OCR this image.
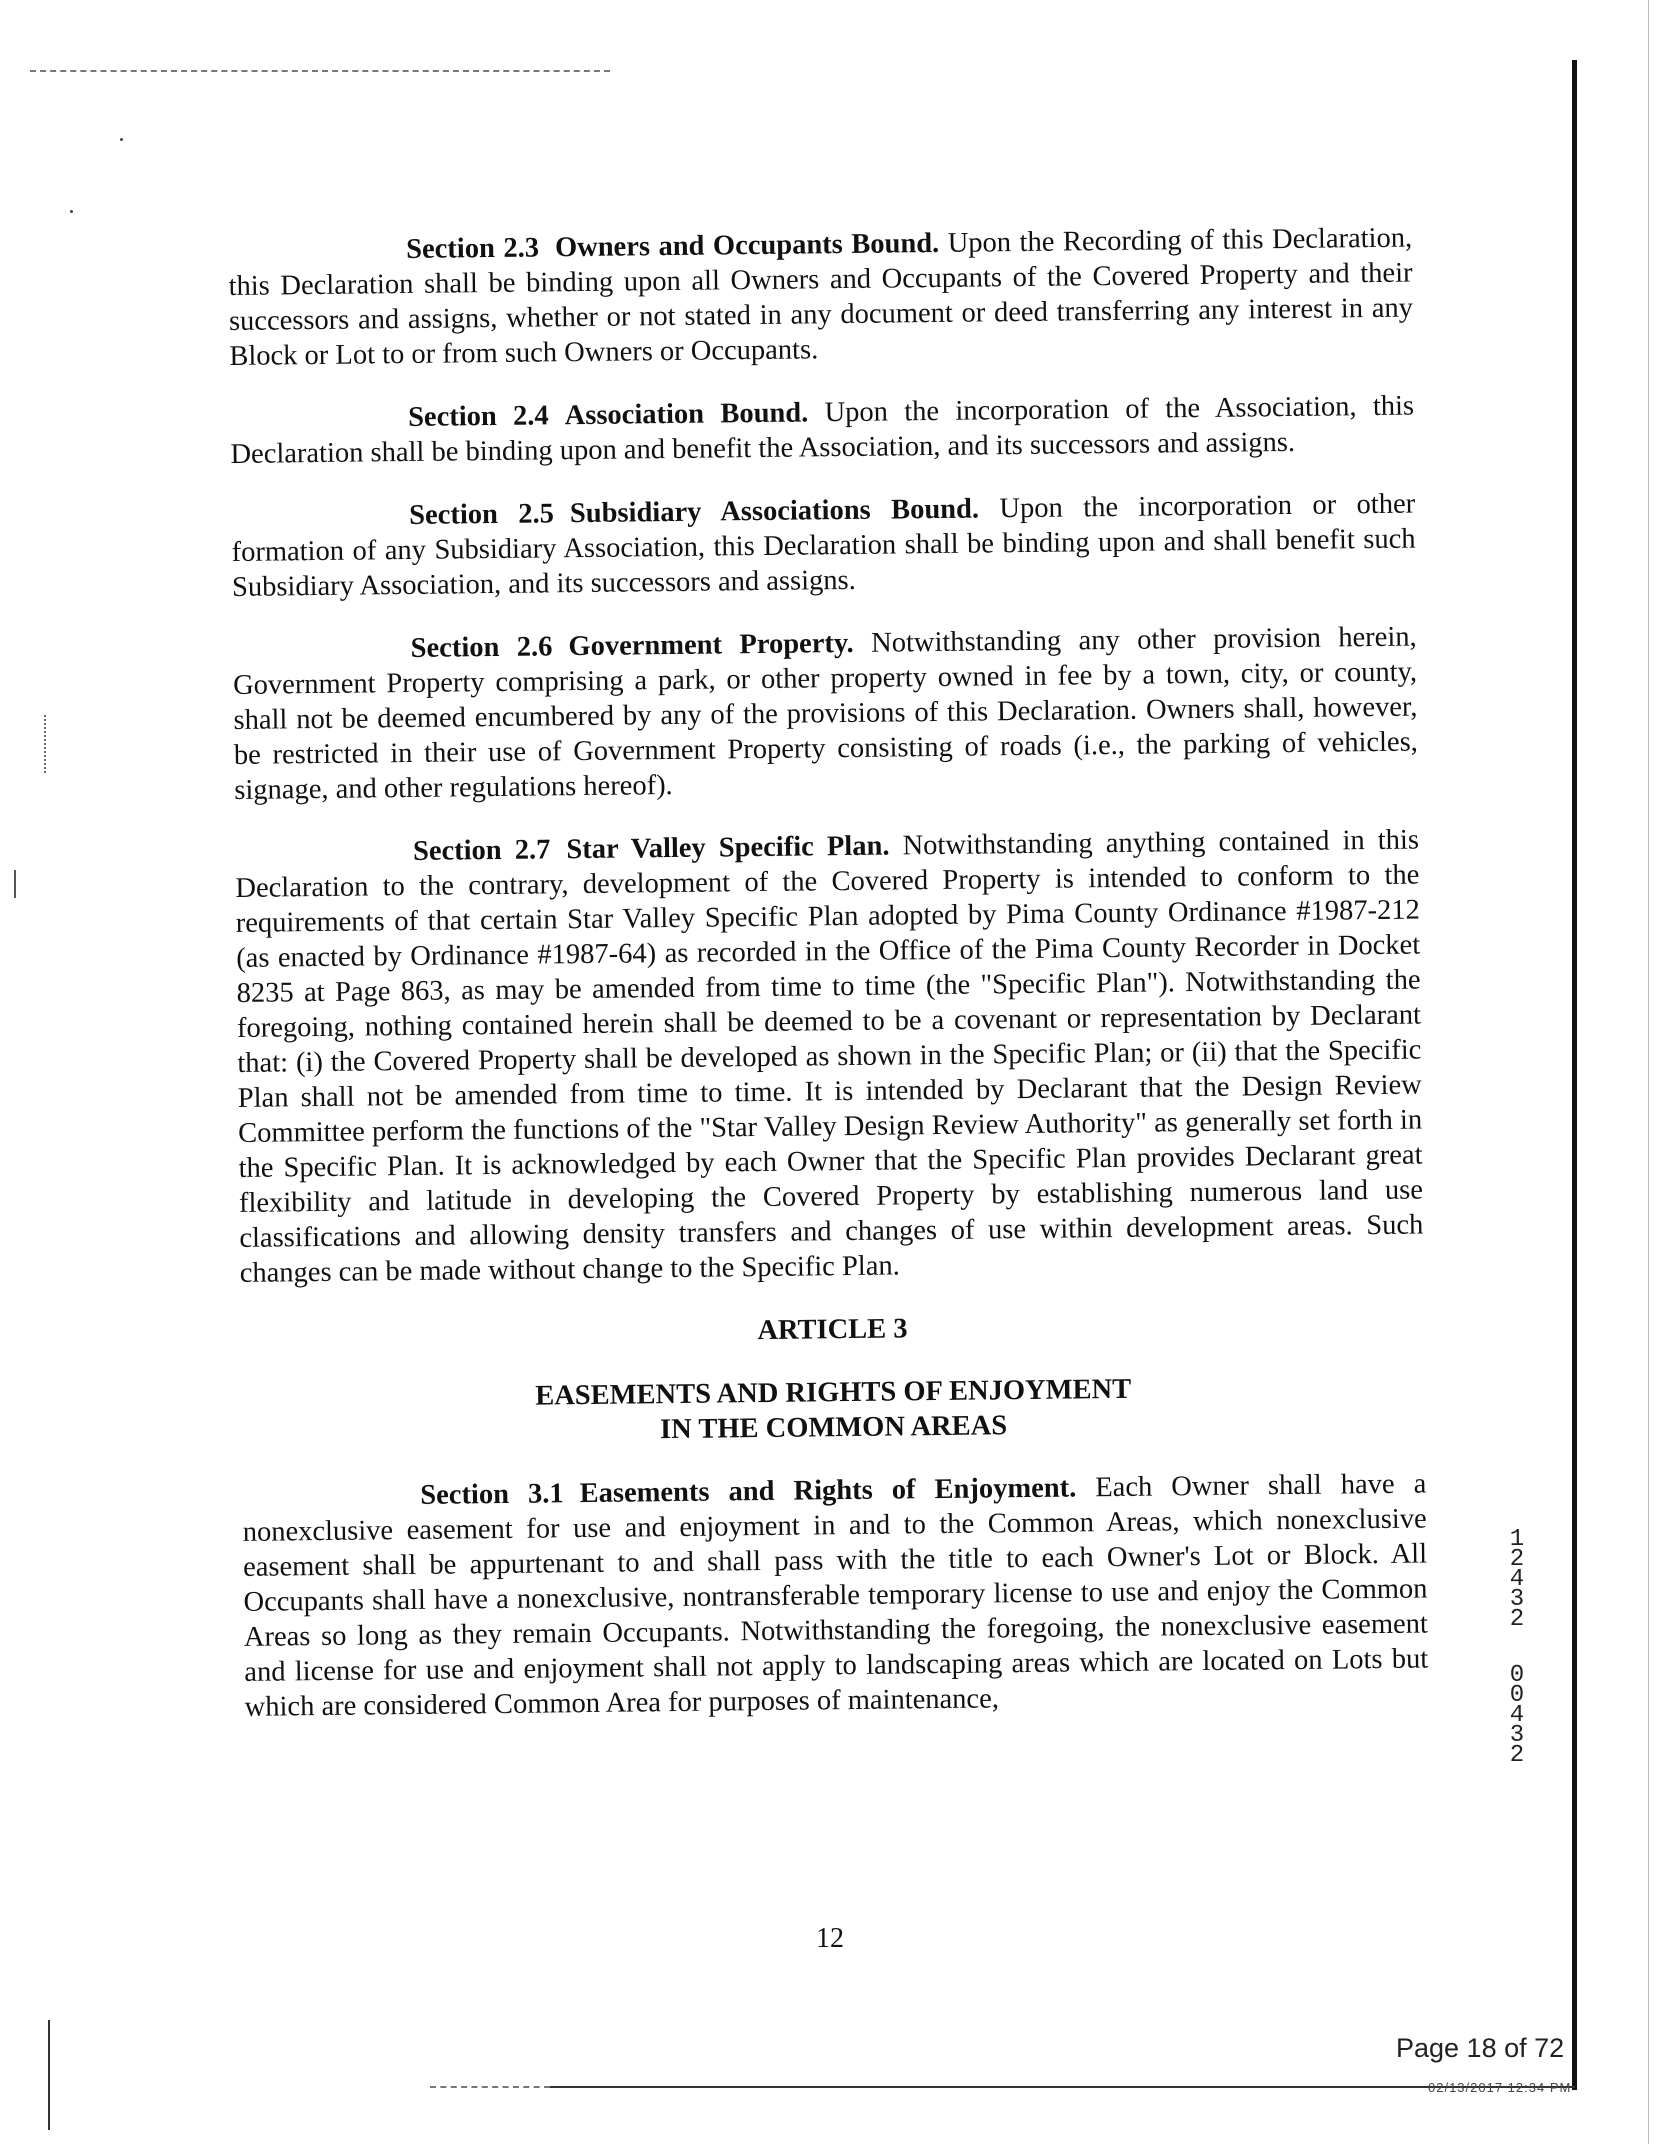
Section 2.3 Owners and Occupants Bound. Upon the Recording of this Declaration, this Declaration shall be binding upon all Owners and Occupants of the Covered Property and their successors and assigns, whether or not stated in any document or deed transferring any interest in any Block or Lot to or from such Owners or Occupants.

Section 2.4 Association Bound. Upon the incorporation of the Association, this Declaration shall be binding upon and benefit the Association, and its successors and assigns.

Section 2.5 Subsidiary Associations Bound. Upon the incorporation or other formation of any Subsidiary Association, this Declaration shall be binding upon and shall benefit such Subsidiary Association, and its successors and assigns.

Section 2.6 Government Property. Notwithstanding any other provision herein, Government Property comprising a park, or other property owned in fee by a town, city, or county, shall not be deemed encumbered by any of the provisions of this Declaration. Owners shall, however, be restricted in their use of Government Property consisting of roads (i.e., the parking of vehicles, signage, and other regulations hereof).

Section 2.7 Star Valley Specific Plan. Notwithstanding anything contained in this Declaration to the contrary, development of the Covered Property is intended to conform to the requirements of that certain Star Valley Specific Plan adopted by Pima County Ordinance #1987-212 (as enacted by Ordinance #1987-64) as recorded in the Office of the Pima County Recorder in Docket 8235 at Page 863, as may be amended from time to time (the "Specific Plan"). Notwithstanding the foregoing, nothing contained herein shall be deemed to be a covenant or representation by Declarant that: (i) the Covered Property shall be developed as shown in the Specific Plan; or (ii) that the Specific Plan shall not be amended from time to time. It is intended by Declarant that the Design Review Committee perform the functions of the "Star Valley Design Review Authority" as generally set forth in the Specific Plan. It is acknowledged by each Owner that the Specific Plan provides Declarant great flexibility and latitude in developing the Covered Property by establishing numerous land use classifications and allowing density transfers and changes of use within development areas. Such changes can be made without change to the Specific Plan.

ARTICLE 3
EASEMENTS AND RIGHTS OF ENJOYMENT
IN THE COMMON AREAS

Section 3.1 Easements and Rights of Enjoyment. Each Owner shall have a nonexclusive easement for use and enjoyment in and to the Common Areas, which nonexclusive easement shall be appurtenant to and shall pass with the title to each Owner's Lot or Block. All Occupants shall have a nonexclusive, nontransferable temporary license to use and enjoy the Common Areas so long as they remain Occupants. Notwithstanding the foregoing, the nonexclusive easement and license for use and enjoyment shall not apply to landscaping areas which are located on Lots but which are considered Common Area for purposes of maintenance,

1
2
4
3
2
0
0
4
3
2
12
Page 18 of 72
02/13/2017 12:34 PM
